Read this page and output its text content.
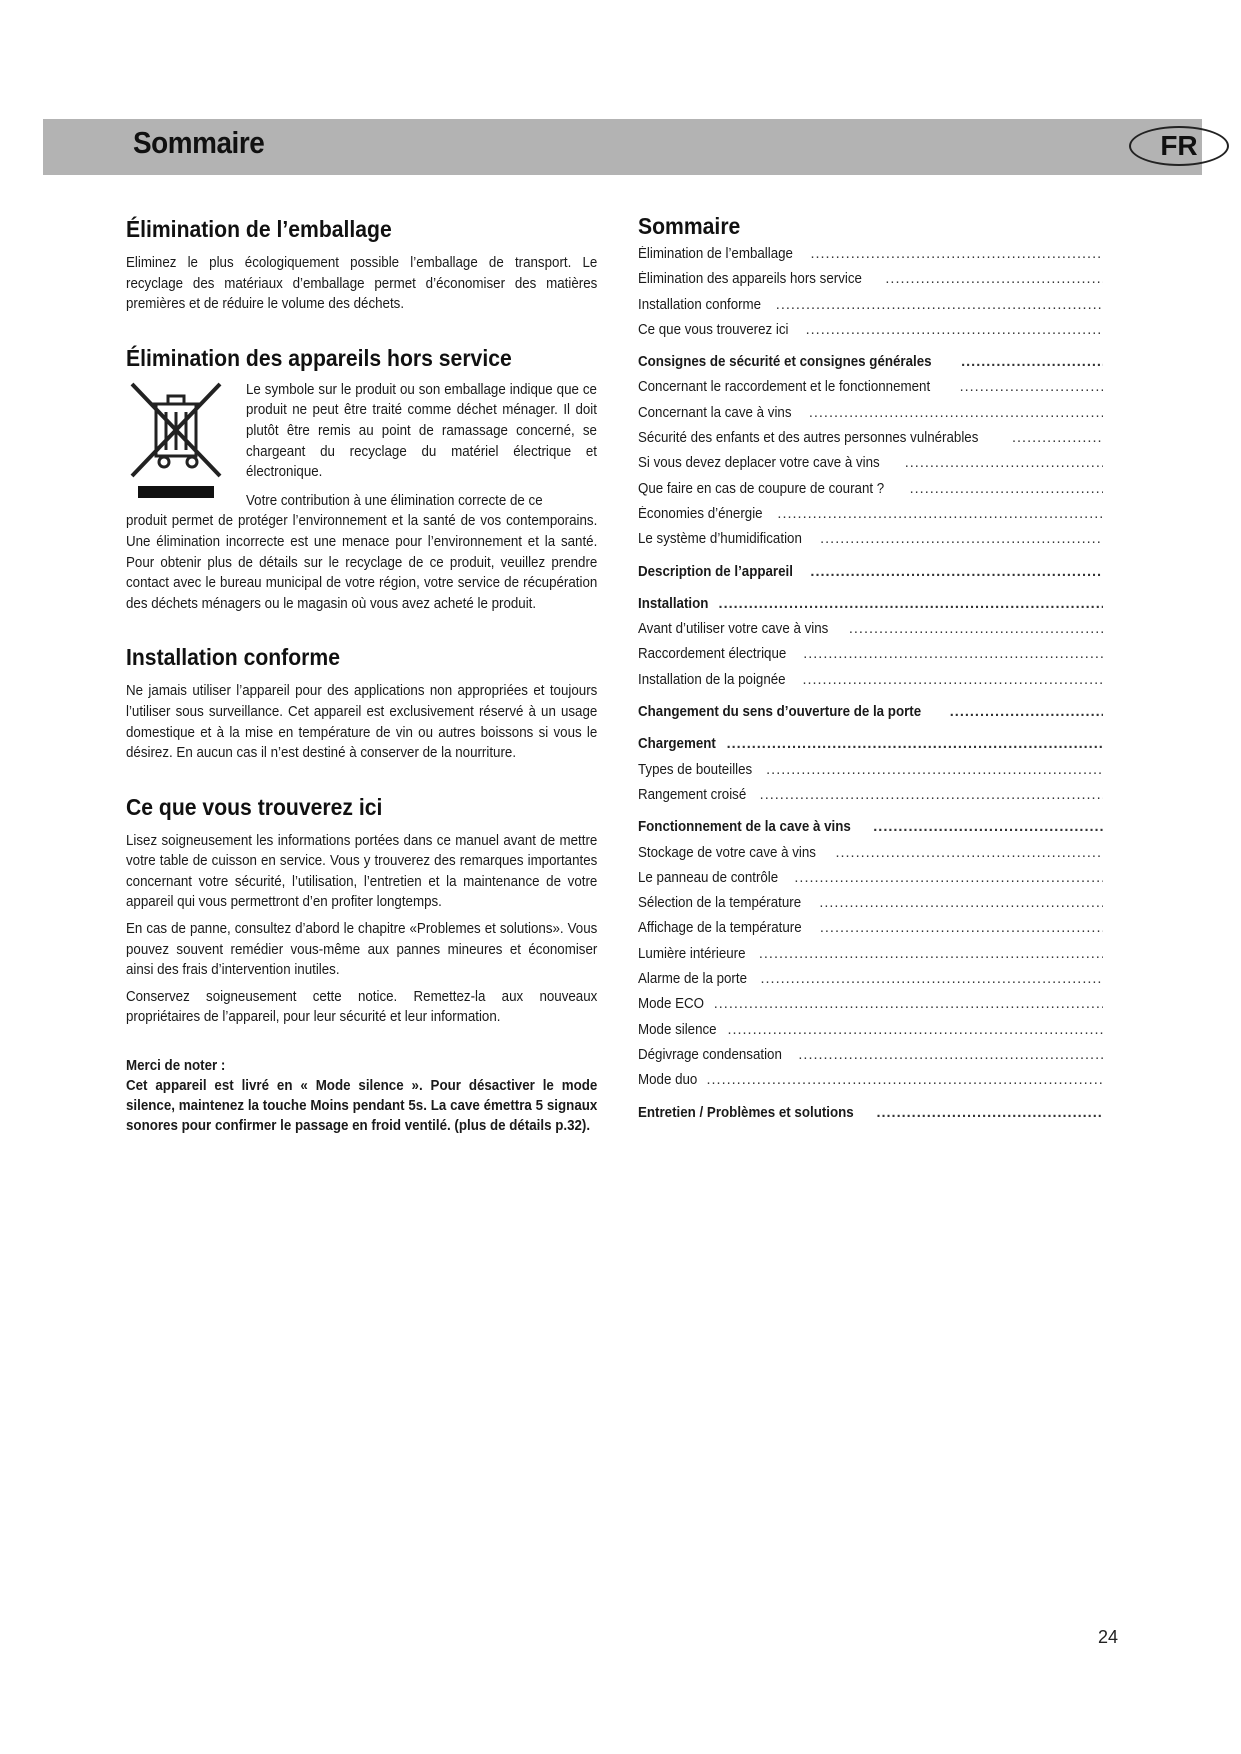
Sommaire	FR
Élimination de l’emballage

Eliminez le plus écologiquement possible l’emballage de transport. Le recyclage des matériaux d’emballage permet d’économiser des matières premières et de réduire le volume des déchets.

Élimination des appareils hors service

Le symbole sur le produit ou son emballage indique que ce produit ne peut être traité comme déchet ménager. Il doit plutôt être remis au point de ramassage concerné, se chargeant du recyclage du matériel électrique et électronique.

Votre contribution à une élimination correcte de ce

produit permet de protéger l’environnement et la santé de vos contemporains. Une élimination incorrecte est une menace pour l’environnement et la santé. Pour obtenir plus de détails sur le recyclage de ce produit, veuillez prendre contact avec le bureau municipal de votre région, votre service de récupération des déchets ménagers ou le magasin où vous avez acheté le produit.

Installation conforme

Ne jamais utiliser l’appareil pour des applications non appropriées et toujours l’utiliser sous surveillance. Cet appareil est exclusivement réservé à un usage domestique et à la mise en température de vin ou autres boissons si vous le désirez. En aucun cas il n’est destiné à conserver de la nourriture.

Ce que vous trouverez ici

Lisez soigneusement les informations portées dans ce manuel avant de mettre votre table de cuisson en service. Vous y trouverez des remarques importantes concernant votre sécurité, l’utilisation, l’entretien et la maintenance de votre appareil qui vous permettront d’en profiter longtemps.

En cas de panne, consultez d’abord le chapitre «Problemes et solutions». Vous pouvez souvent remédier vous-même aux pannes mineures et économiser ainsi des frais d’intervention inutiles.

Conservez soigneusement cette notice. Remettez-la aux nouveaux propriétaires de l’appareil, pour leur sécurité et leur information.

Merci de noter :

Cet appareil est livré en « Mode silence ». Pour désactiver le mode silence, maintenez la touche Moins pendant 5s. La cave émettra 5 signaux sonores pour confirmer le passage en froid ventilé. (plus de détails p.32).

Sommaire
Élimination de l’emballage
.....
Élimination des appareils hors service
.....
Installation conforme
.....
Ce que vous trouverez ici
.....
Consignes de sécurité et consignes générales
.....
Concernant le raccordement et le fonctionnement
.....
Concernant la cave à vins
.....
Sécurité des enfants et des autres personnes vulnérables
.....
Si vous devez deplacer votre cave à vins
.....
Que faire en cas de coupure de courant ?
.....
Économies d’énergie
.....
Le système d’humidification
.....
Description de l’appareil
.....
Installation
.....
Avant d’utiliser votre cave à vins
.....
Raccordement électrique
.....
Installation de la poignée
.....
Changement du sens d’ouverture de la porte
.....
Chargement
.....
Types de bouteilles
.....
Rangement croisé
.....
Fonctionnement de la cave à vins
.....
Stockage de votre cave à vins
.....
Le panneau de contrôle
.....
Sélection de la température
.....
Affichage de la température
.....
Lumière intérieure
.....
Alarme de la porte
.....
Mode ECO
.....
Mode silence
.....
Dégivrage condensation
.....
Mode duo
.....
Entretien / Problèmes et solutions
.....
24
